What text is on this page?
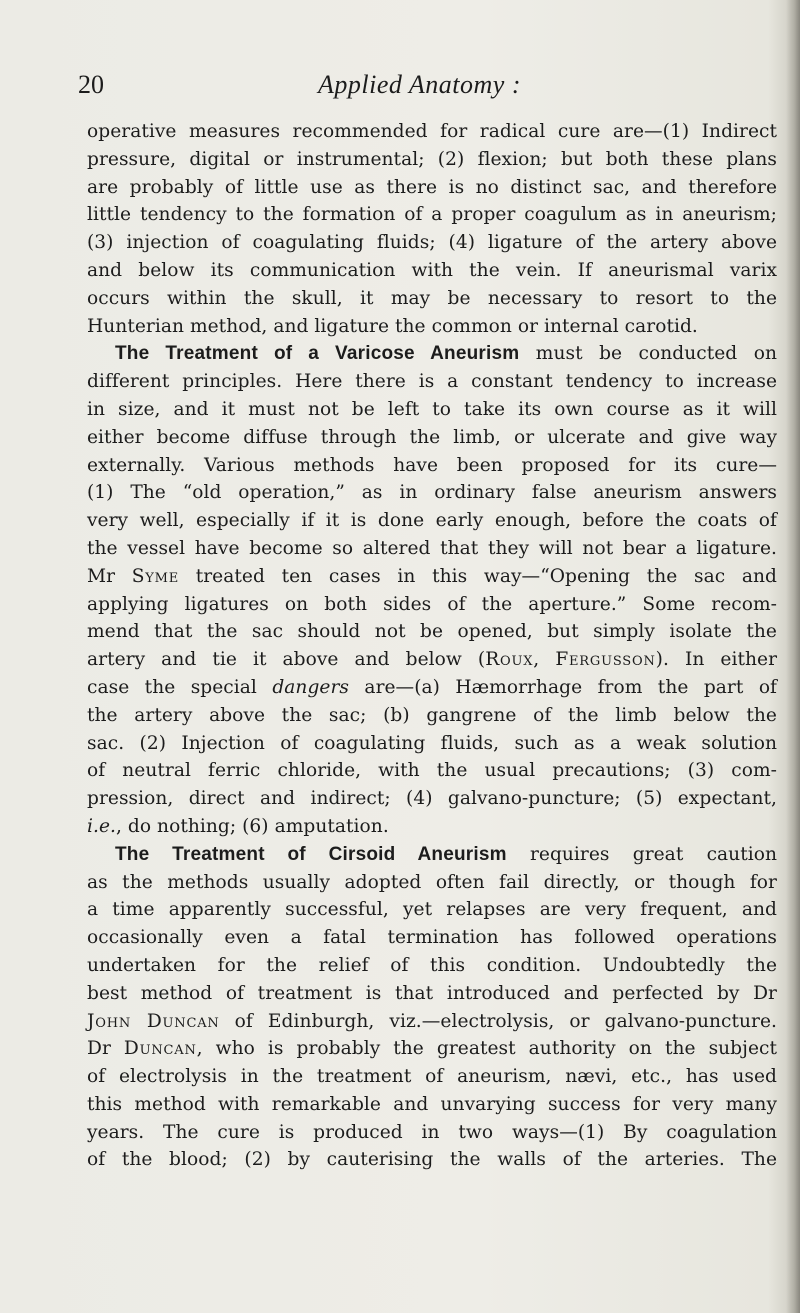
20	Applied Anatomy :
operative measures recommended for radical cure are—(1) Indirect
pressure, digital or instrumental; (2) flexion; but both these plans
are probably of little use as there is no distinct sac, and therefore
little tendency to the formation of a proper coagulum as in aneurism;
(3) injection of coagulating fluids; (4) ligature of the artery above
and below its communication with the vein. If aneurismal varix
occurs within the skull, it may be necessary to resort to the
Hunterian method, and ligature the common or internal carotid.
The Treatment of a Varicose Aneurism must be conducted on
different principles. Here there is a constant tendency to increase
in size, and it must not be left to take its own course as it will
either become diffuse through the limb, or ulcerate and give way
externally. Various methods have been proposed for its cure—
(1) The “old operation,” as in ordinary false aneurism answers
very well, especially if it is done early enough, before the coats of
the vessel have become so altered that they will not bear a ligature.
Mr Syme treated ten cases in this way—“Opening the sac and
applying ligatures on both sides of the aperture.” Some recom-
mend that the sac should not be opened, but simply isolate the
artery and tie it above and below (Roux, Fergusson). In either
case the special dangers are—(a) Hæmorrhage from the part of
the artery above the sac; (b) gangrene of the limb below the
sac. (2) Injection of coagulating fluids, such as a weak solution
of neutral ferric chloride, with the usual precautions; (3) com-
pression, direct and indirect; (4) galvano-puncture; (5) expectant,
i.e., do nothing; (6) amputation.
The Treatment of Cirsoid Aneurism requires great caution
as the methods usually adopted often fail directly, or though for
a time apparently successful, yet relapses are very frequent, and
occasionally even a fatal termination has followed operations
undertaken for the relief of this condition. Undoubtedly the
best method of treatment is that introduced and perfected by Dr
John Duncan of Edinburgh, viz.—electrolysis, or galvano-puncture.
Dr Duncan, who is probably the greatest authority on the subject
of electrolysis in the treatment of aneurism, nævi, etc., has used
this method with remarkable and unvarying success for very many
years. The cure is produced in two ways—(1) By coagulation
of the blood; (2) by cauterising the walls of the arteries. The
